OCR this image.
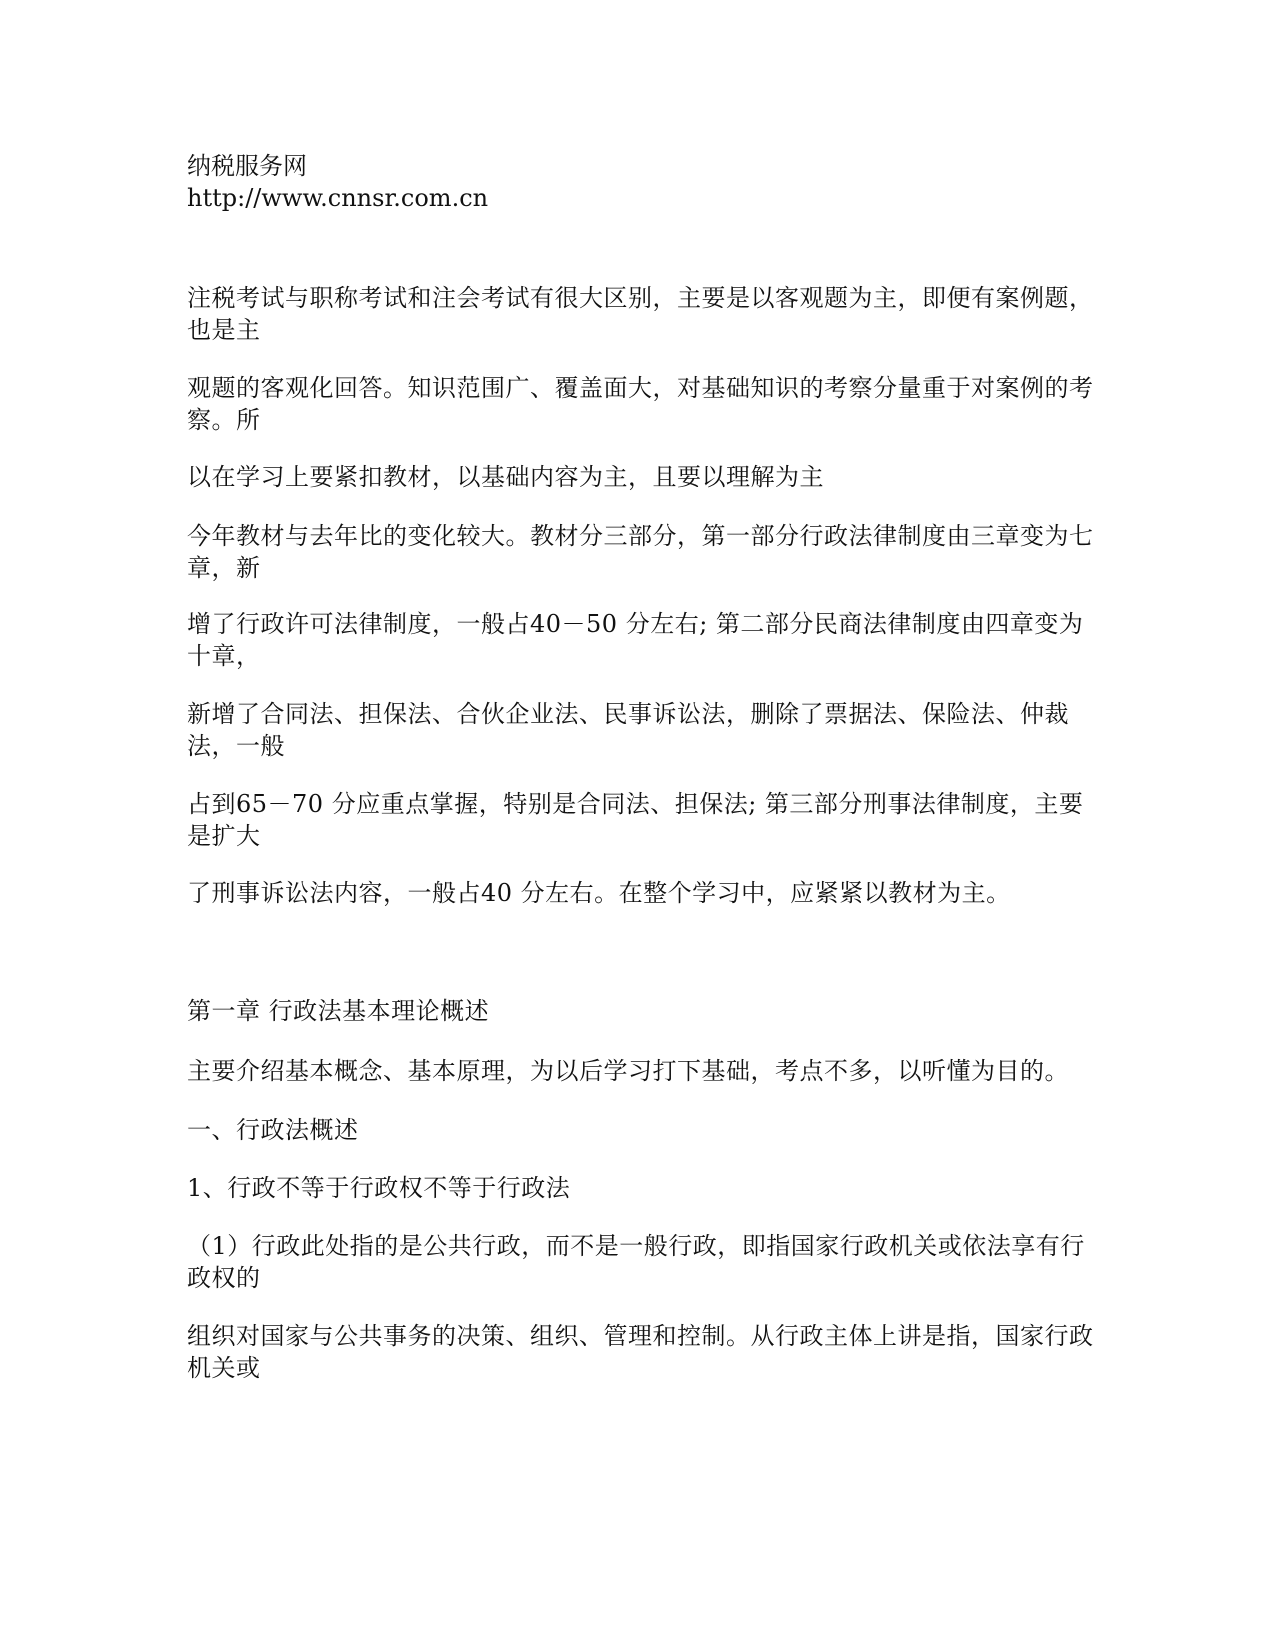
纳税服务网
http://www.cnnsr.com.cn
注税考试与职称考试和注会考试有很大区别，主要是以客观题为主，即便有案例题，也是主
观题的客观化回答。知识范围广、覆盖面大，对基础知识的考察分量重于对案例的考察。所
以在学习上要紧扣教材，以基础内容为主，且要以理解为主
今年教材与去年比的变化较大。教材分三部分，第一部分行政法律制度由三章变为七章，新
增了行政许可法律制度，一般占40－50 分左右; 第二部分民商法律制度由四章变为十章，
新增了合同法、担保法、合伙企业法、民事诉讼法，删除了票据法、保险法、仲裁法，一般
占到65－70 分应重点掌握，特别是合同法、担保法; 第三部分刑事法律制度，主要是扩大
了刑事诉讼法内容，一般占40 分左右。在整个学习中，应紧紧以教材为主。
第一章 行政法基本理论概述
主要介绍基本概念、基本原理，为以后学习打下基础，考点不多，以听懂为目的。
一、行政法概述
1、行政不等于行政权不等于行政法
（1）行政此处指的是公共行政，而不是一般行政，即指国家行政机关或依法享有行政权的
组织对国家与公共事务的决策、组织、管理和控制。从行政主体上讲是指，国家行政机关或
